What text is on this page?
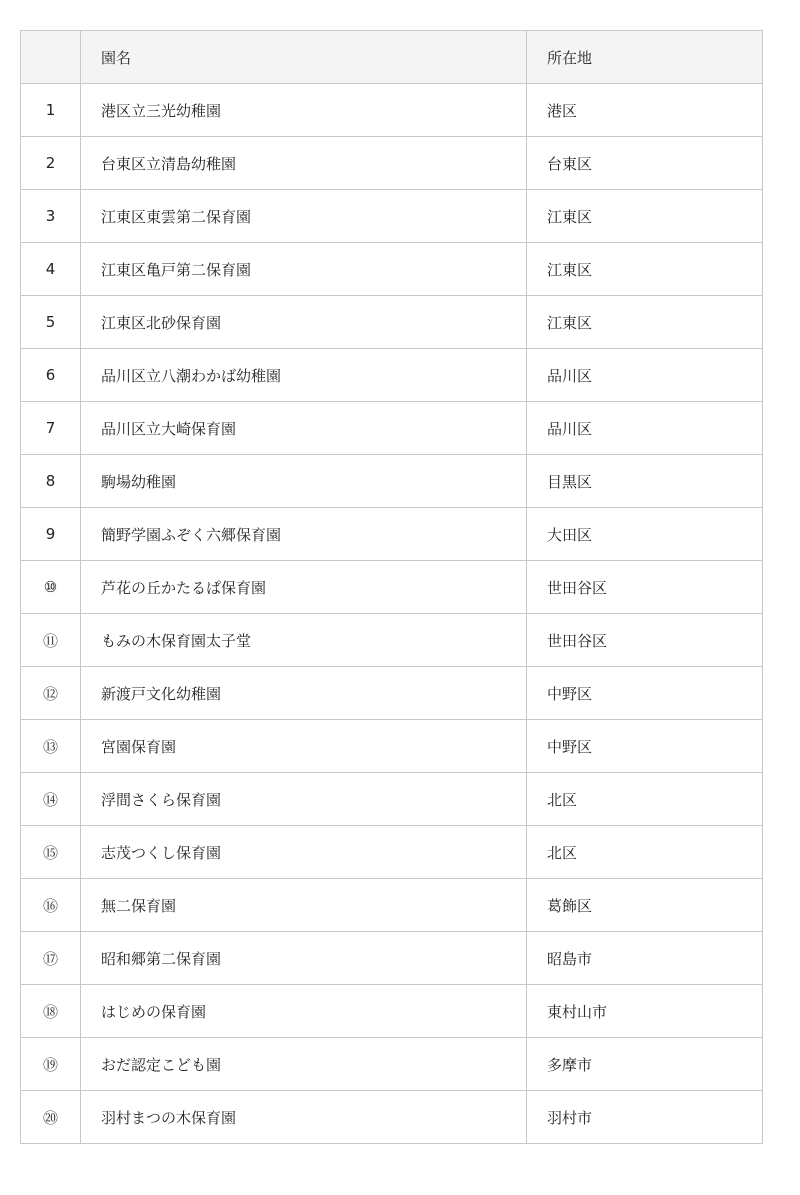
	園名	所在地
1	港区立三光幼稚園	港区
2	台東区立清島幼稚園	台東区
3	江東区東雲第二保育園	江東区
4	江東区亀戸第二保育園	江東区
5	江東区北砂保育園	江東区
6	品川区立八潮わかば幼稚園	品川区
7	品川区立大崎保育園	品川区
8	駒場幼稚園	目黒区
9	簡野学園ふぞく六郷保育園	大田区
⑩	芦花の丘かたるぱ保育園	世田谷区
⑪	もみの木保育園太子堂	世田谷区
⑫	新渡戸文化幼稚園	中野区
⑬	宮園保育園	中野区
⑭	浮間さくら保育園	北区
⑮	志茂つくし保育園	北区
⑯	無二保育園	葛飾区
⑰	昭和郷第二保育園	昭島市
⑱	はじめの保育園	東村山市
⑲	おだ認定こども園	多摩市
⑳	羽村まつの木保育園	羽村市
